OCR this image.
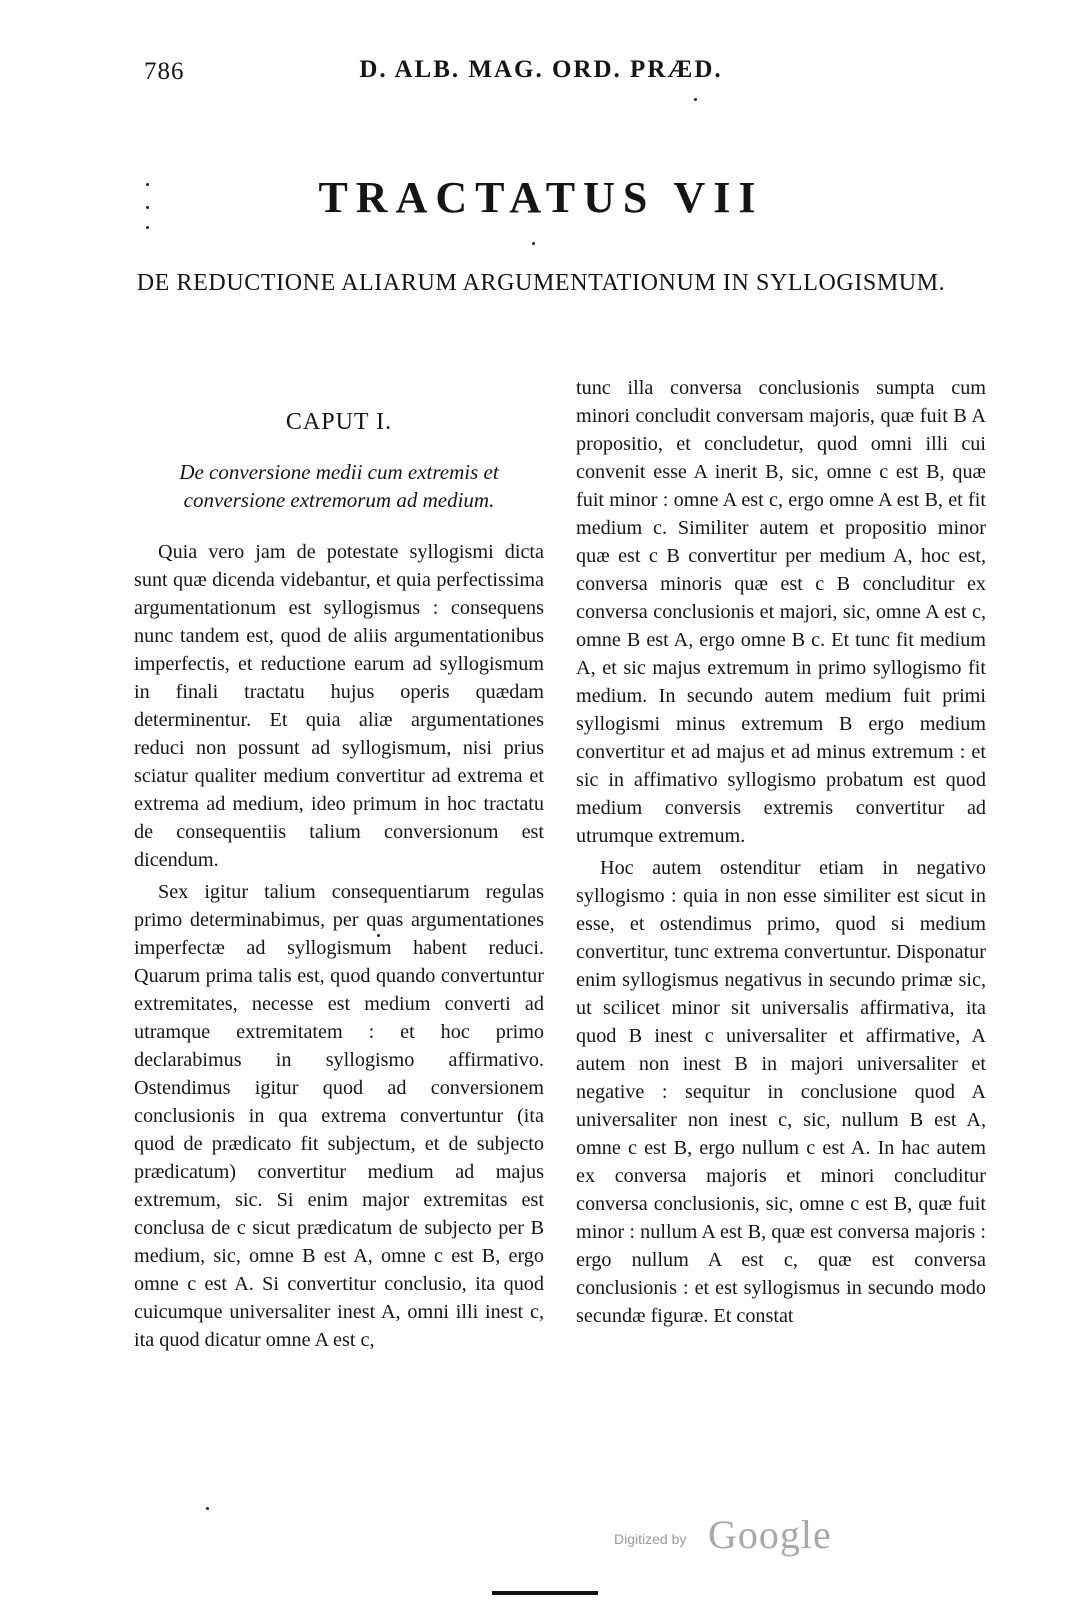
786	D. ALB. MAG. ORD. PRÆD.
TRACTATUS VII
DE REDUCTIONE ALIARUM ARGUMENTATIONUM IN SYLLOGISMUM.
CAPUT I.
De conversione medii cum extremis et
conversione extremorum ad medium.

Quia vero jam de potestate syllogismi dicta sunt quæ dicenda videbantur, et quia perfectissima argumentationum est syllogismus : consequens nunc tandem est, quod de aliis argumentationibus imperfectis, et reductione earum ad syllogismum in finali tractatu hujus operis quædam determinentur. Et quia aliæ argumentationes reduci non possunt ad syllogismum, nisi prius sciatur qualiter medium convertitur ad extrema et extrema ad medium, ideo primum in hoc tractatu de consequentiis talium conversionum est dicendum.

Sex igitur talium consequentiarum regulas primo determinabimus, per quas argumentationes imperfectæ ad syllogismum habent reduci. Quarum prima talis est, quod quando convertuntur extremitates, necesse est medium converti ad utramque extremitatem : et hoc primo declarabimus in syllogismo affirmativo. Ostendimus igitur quod ad conversionem conclusionis in qua extrema convertuntur (ita quod de prædicato fit subjectum, et de subjecto prædicatum) convertitur medium ad majus extremum, sic. Si enim major extremitas est conclusa de c sicut prædicatum de subjecto per B medium, sic, omne B est A, omne c est B, ergo omne c est A. Si convertitur conclusio, ita quod cuicumque universaliter inest A, omni illi inest c, ita quod dicatur omne A est c,

tunc illa conversa conclusionis sumpta cum minori concludit conversam majoris, quæ fuit B A propositio, et concludetur, quod omni illi cui convenit esse A inerit B, sic, omne c est B, quæ fuit minor : omne A est c, ergo omne A est B, et fit medium c. Similiter autem et propositio minor quæ est c B convertitur per medium A, hoc est, conversa minoris quæ est c B concluditur ex conversa conclusionis et majori, sic, omne A est c, omne B est A, ergo omne B c. Et tunc fit medium A, et sic majus extremum in primo syllogismo fit medium. In secundo autem medium fuit primi syllogismi minus extremum B ergo medium convertitur et ad majus et ad minus extremum : et sic in affimativo syllogismo probatum est quod medium conversis extremis convertitur ad utrumque extremum.

Hoc autem ostenditur etiam in negativo syllogismo : quia in non esse similiter est sicut in esse, et ostendimus primo, quod si medium convertitur, tunc extrema convertuntur. Disponatur enim syllogismus negativus in secundo primæ sic, ut scilicet minor sit universalis affirmativa, ita quod B inest c universaliter et affirmative, A autem non inest B in majori universaliter et negative : sequitur in conclusione quod A universaliter non inest c, sic, nullum B est A, omne c est B, ergo nullum c est A. In hac autem ex conversa majoris et minori concluditur conversa conclusionis, sic, omne c est B, quæ fuit minor : nullum A est B, quæ est conversa majoris : ergo nullum A est c, quæ est conversa conclusionis : et est syllogismus in secundo modo secundæ figuræ. Et constat

Digitized by Google
